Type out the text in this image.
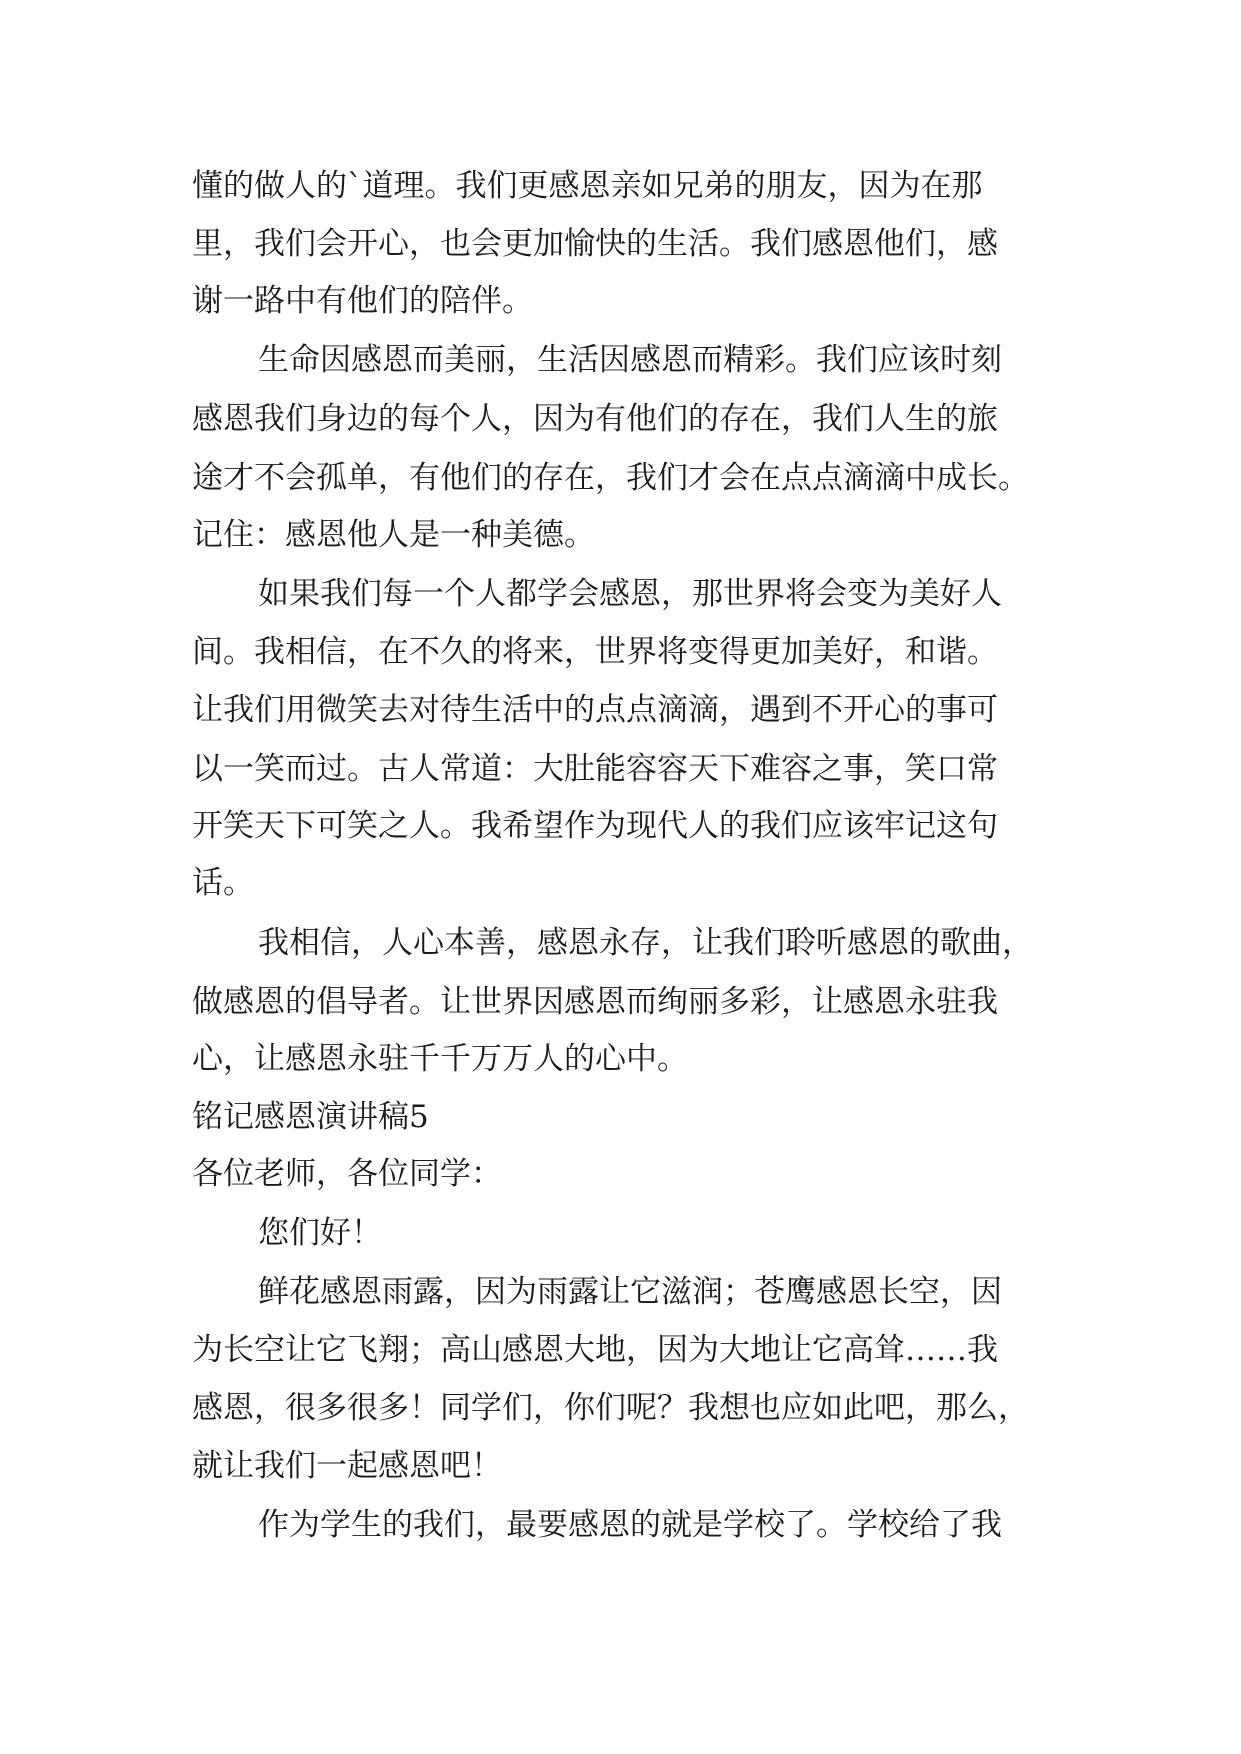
懂的做人的`道理。我们更感恩亲如兄弟的朋友，因为在那

里，我们会开心，也会更加愉快的生活。我们感恩他们，感

谢一路中有他们的陪伴。

生命因感恩而美丽，生活因感恩而精彩。我们应该时刻

感恩我们身边的每个人，因为有他们的存在，我们人生的旅

途才不会孤单，有他们的存在，我们才会在点点滴滴中成长。

记住：感恩他人是一种美德。

如果我们每一个人都学会感恩，那世界将会变为美好人

间。我相信，在不久的将来，世界将变得更加美好，和谐。

让我们用微笑去对待生活中的点点滴滴，遇到不开心的事可

以一笑而过。古人常道：大肚能容容天下难容之事，笑口常

开笑天下可笑之人。我希望作为现代人的我们应该牢记这句

话。

我相信，人心本善，感恩永存，让我们聆听感恩的歌曲，

做感恩的倡导者。让世界因感恩而绚丽多彩，让感恩永驻我

心，让感恩永驻千千万万人的心中。

铭记感恩演讲稿5

各位老师，各位同学：

您们好！

鲜花感恩雨露，因为雨露让它滋润；苍鹰感恩长空，因

为长空让它飞翔；高山感恩大地，因为大地让它高耸……我

感恩，很多很多！同学们，你们呢？我想也应如此吧，那么，

就让我们一起感恩吧！

作为学生的我们，最要感恩的就是学校了。学校给了我
